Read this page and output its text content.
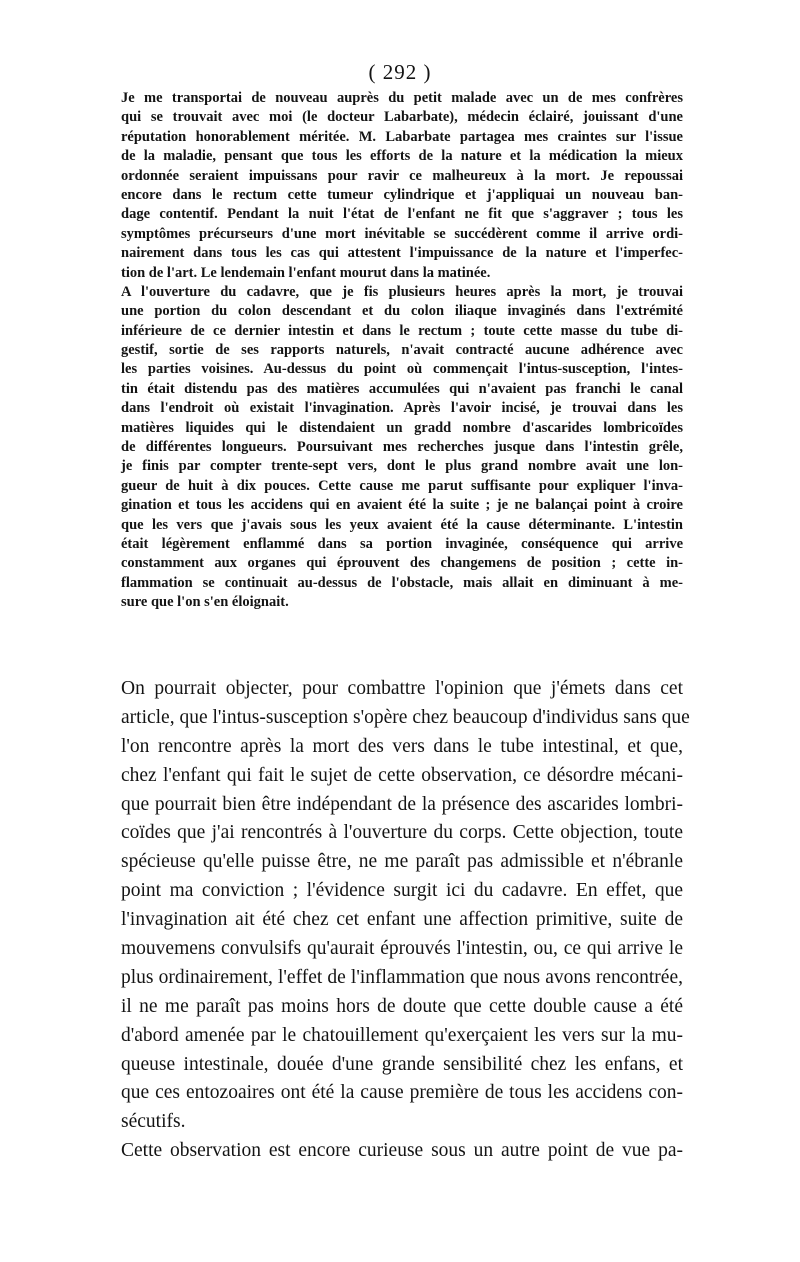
( 292 )
Je me transportai de nouveau auprès du petit malade avec un de mes confrères
qui se trouvait avec moi (le docteur Labarbate), médecin éclairé, jouissant d'une
réputation honorablement méritée. M. Labarbate partagea mes craintes sur l'issue
de la maladie, pensant que tous les efforts de la nature et la médication la mieux
ordonnée seraient impuissans pour ravir ce malheureux à la mort. Je repoussai
encore dans le rectum cette tumeur cylindrique et j'appliquai un nouveau ban-
dage contentif. Pendant la nuit l'état de l'enfant ne fit que s'aggraver ; tous les
symptômes précurseurs d'une mort inévitable se succédèrent comme il arrive ordi-
nairement dans tous les cas qui attestent l'impuissance de la nature et l'imperfec-
tion de l'art. Le lendemain l'enfant mourut dans la matinée.
A l'ouverture du cadavre, que je fis plusieurs heures après la mort, je trouvai
une portion du colon descendant et du colon iliaque invaginés dans l'extrémité
inférieure de ce dernier intestin et dans le rectum ; toute cette masse du tube di-
gestif, sortie de ses rapports naturels, n'avait contracté aucune adhérence avec
les parties voisines. Au-dessus du point où commençait l'intus-susception, l'intes-
tin était distendu pas des matières accumulées qui n'avaient pas franchi le canal
dans l'endroit où existait l'invagination. Après l'avoir incisé, je trouvai dans les
matières liquides qui le distendaient un gradd nombre d'ascarides lombricoïdes
de différentes longueurs. Poursuivant mes recherches jusque dans l'intestin grêle,
je finis par compter trente-sept vers, dont le plus grand nombre avait une lon-
gueur de huit à dix pouces. Cette cause me parut suffisante pour expliquer l'inva-
gination et tous les accidens qui en avaient été la suite ; je ne balançai point à croire
que les vers que j'avais sous les yeux avaient été la cause déterminante. L'intestin
était légèrement enflammé dans sa portion invaginée, conséquence qui arrive
constamment aux organes qui éprouvent des changemens de position ; cette in-
flammation se continuait au-dessus de l'obstacle, mais allait en diminuant à me-
sure que l'on s'en éloignait.
On pourrait objecter, pour combattre l'opinion que j'émets dans cet
article, que l'intus-susception s'opère chez beaucoup d'individus sans que
l'on rencontre après la mort des vers dans le tube intestinal, et que,
chez l'enfant qui fait le sujet de cette observation, ce désordre mécani-
que pourrait bien être indépendant de la présence des ascarides lombri-
coïdes que j'ai rencontrés à l'ouverture du corps. Cette objection, toute
spécieuse qu'elle puisse être, ne me paraît pas admissible et n'ébranle
point ma conviction ; l'évidence surgit ici du cadavre. En effet, que
l'invagination ait été chez cet enfant une affection primitive, suite de
mouvemens convulsifs qu'aurait éprouvés l'intestin, ou, ce qui arrive le
plus ordinairement, l'effet de l'inflammation que nous avons rencontrée,
il ne me paraît pas moins hors de doute que cette double cause a été
d'abord amenée par le chatouillement qu'exerçaient les vers sur la mu-
queuse intestinale, douée d'une grande sensibilité chez les enfans, et
que ces entozoaires ont été la cause première de tous les accidens con-
sécutifs.
Cette observation est encore curieuse sous un autre point de vue pa-
